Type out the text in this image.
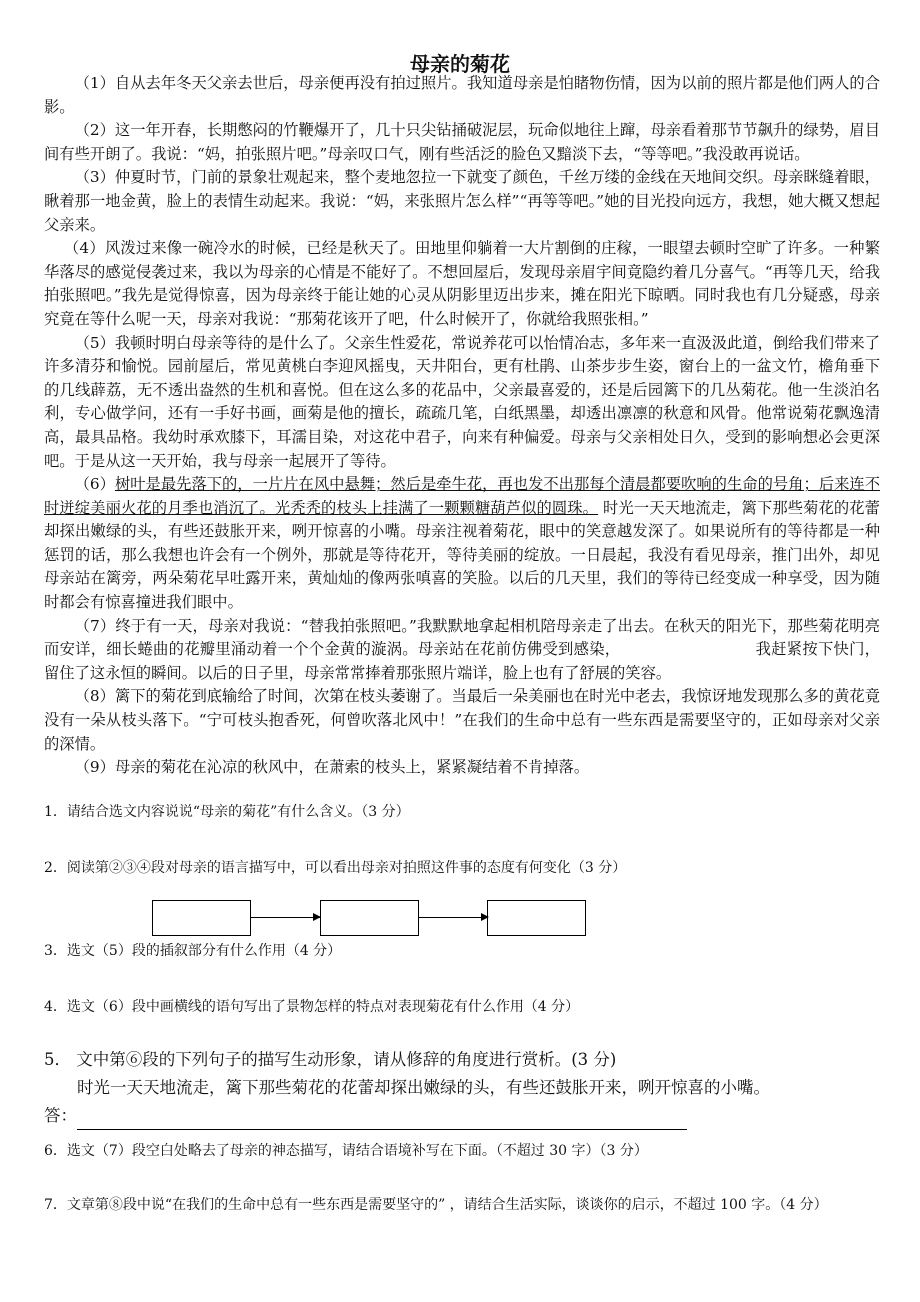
母亲的菊花

（1）自从去年冬天父亲去世后，母亲便再没有拍过照片。我知道母亲是怕睹物伤情，因为以前的照片都是他们两人的合影。

（2）这一年开春，长期憋闷的竹鞭爆开了，几十只尖钻捅破泥层，玩命似地往上蹿，母亲看着那节节飙升的绿势，眉目间有些开朗了。我说：“妈，拍张照片吧。”母亲叹口气，刚有些活泛的脸色又黯淡下去，“等等吧。”我没敢再说话。

（3）仲夏时节，门前的景象壮观起来，整个麦地忽拉一下就变了颜色，千丝万缕的金线在天地间交织。母亲眯缝着眼，瞅着那一地金黄，脸上的表情生动起来。我说：“妈，来张照片怎么样”“再等等吧。”她的目光投向远方，我想，她大概又想起父亲来。

（4）风泼过来像一碗冷水的时候，已经是秋天了。田地里仰躺着一大片割倒的庄稼，一眼望去顿时空旷了许多。一种繁华落尽的感觉侵袭过来，我以为母亲的心情是不能好了。不想回屋后，发现母亲眉宇间竟隐约着几分喜气。“再等几天，给我拍张照吧。”我先是觉得惊喜，因为母亲终于能让她的心灵从阴影里迈出步来，摊在阳光下晾晒。同时我也有几分疑惑，母亲究竟在等什么呢一天，母亲对我说：“那菊花该开了吧，什么时候开了，你就给我照张相。”

（5）我顿时明白母亲等待的是什么了。父亲生性爱花，常说养花可以怡情冶志，多年来一直汲汲此道，倒给我们带来了许多清芬和愉悦。园前屋后，常见黄桃白李迎风摇曳，天井阳台，更有杜鹃、山茶步步生姿，窗台上的一盆文竹，檐角垂下的几线薜荔，无不透出盎然的生机和喜悦。但在这么多的花品中，父亲最喜爱的，还是后园篱下的几丛菊花。他一生淡泊名利，专心做学问，还有一手好书画，画菊是他的擅长，疏疏几笔，白纸黑墨，却透出凛凛的秋意和风骨。他常说菊花飘逸清高，最具品格。我幼时承欢膝下，耳濡目染，对这花中君子，向来有种偏爱。母亲与父亲相处日久，受到的影响想必会更深吧。于是从这一天开始，我与母亲一起展开了等待。

（6）树叶是最先落下的，一片片在风中悬舞；然后是牵牛花，再也发不出那每个清晨都要吹响的生命的号角；后来连不时迸绽美丽火花的月季也消沉了。光秃秃的枝头上挂满了一颗颗糖葫芦似的圆珠。 时光一天天地流走，篱下那些菊花的花蕾却探出嫩绿的头，有些还鼓胀开来，咧开惊喜的小嘴。母亲注视着菊花，眼中的笑意越发深了。如果说所有的等待都是一种惩罚的话，那么我想也许会有一个例外，那就是等待花开，等待美丽的绽放。一日晨起，我没有看见母亲，推门出外，却见母亲站在篱旁，两朵菊花早吐露开来，黄灿灿的像两张嗔喜的笑脸。以后的几天里，我们的等待已经变成一种享受，因为随时都会有惊喜撞进我们眼中。

（7）终于有一天，母亲对我说：“替我拍张照吧。”我默默地拿起相机陪母亲走了出去。在秋天的阳光下，那些菊花明亮而安详，细长蜷曲的花瓣里涌动着一个个金黄的漩涡。母亲站在花前仿佛受到感染，	我赶紧按下快门，留住了这永恒的瞬间。以后的日子里，母亲常常捧着那张照片端详，脸上也有了舒展的笑容。

（8）篱下的菊花到底输给了时间，次第在枝头萎谢了。当最后一朵美丽也在时光中老去，我惊讶地发现那么多的黄花竟没有一朵从枝头落下。“宁可枝头抱香死，何曾吹落北风中！”在我们的生命中总有一些东西是需要坚守的，正如母亲对父亲的深情。

（9）母亲的菊花在沁凉的秋风中，在萧索的枝头上，紧紧凝结着不肯掉落。

1．请结合选文内容说说“母亲的菊花”有什么含义。（3 分）
2．阅读第②③④段对母亲的语言描写中，可以看出母亲对拍照这件事的态度有何变化（3 分）
3．选文（5）段的插叙部分有什么作用（4 分）
4．选文（6）段中画横线的语句写出了景物怎样的特点对表现菊花有什么作用（4 分）
5． 文中第⑥段的下列句子的描写生动形象，请从修辞的角度进行赏析。(3 分)
时光一天天地流走，篱下那些菊花的花蕾却探出嫩绿的头，有些还鼓胀开来，咧开惊喜的小嘴。
答：
6．选文（7）段空白处略去了母亲的神态描写，请结合语境补写在下面。（不超过 30 字）（3 分）
7．文章第⑧段中说“在我们的生命中总有一些东西是需要坚守的” ，请结合生活实际，谈谈你的启示，不超过 100 字。（4 分）
